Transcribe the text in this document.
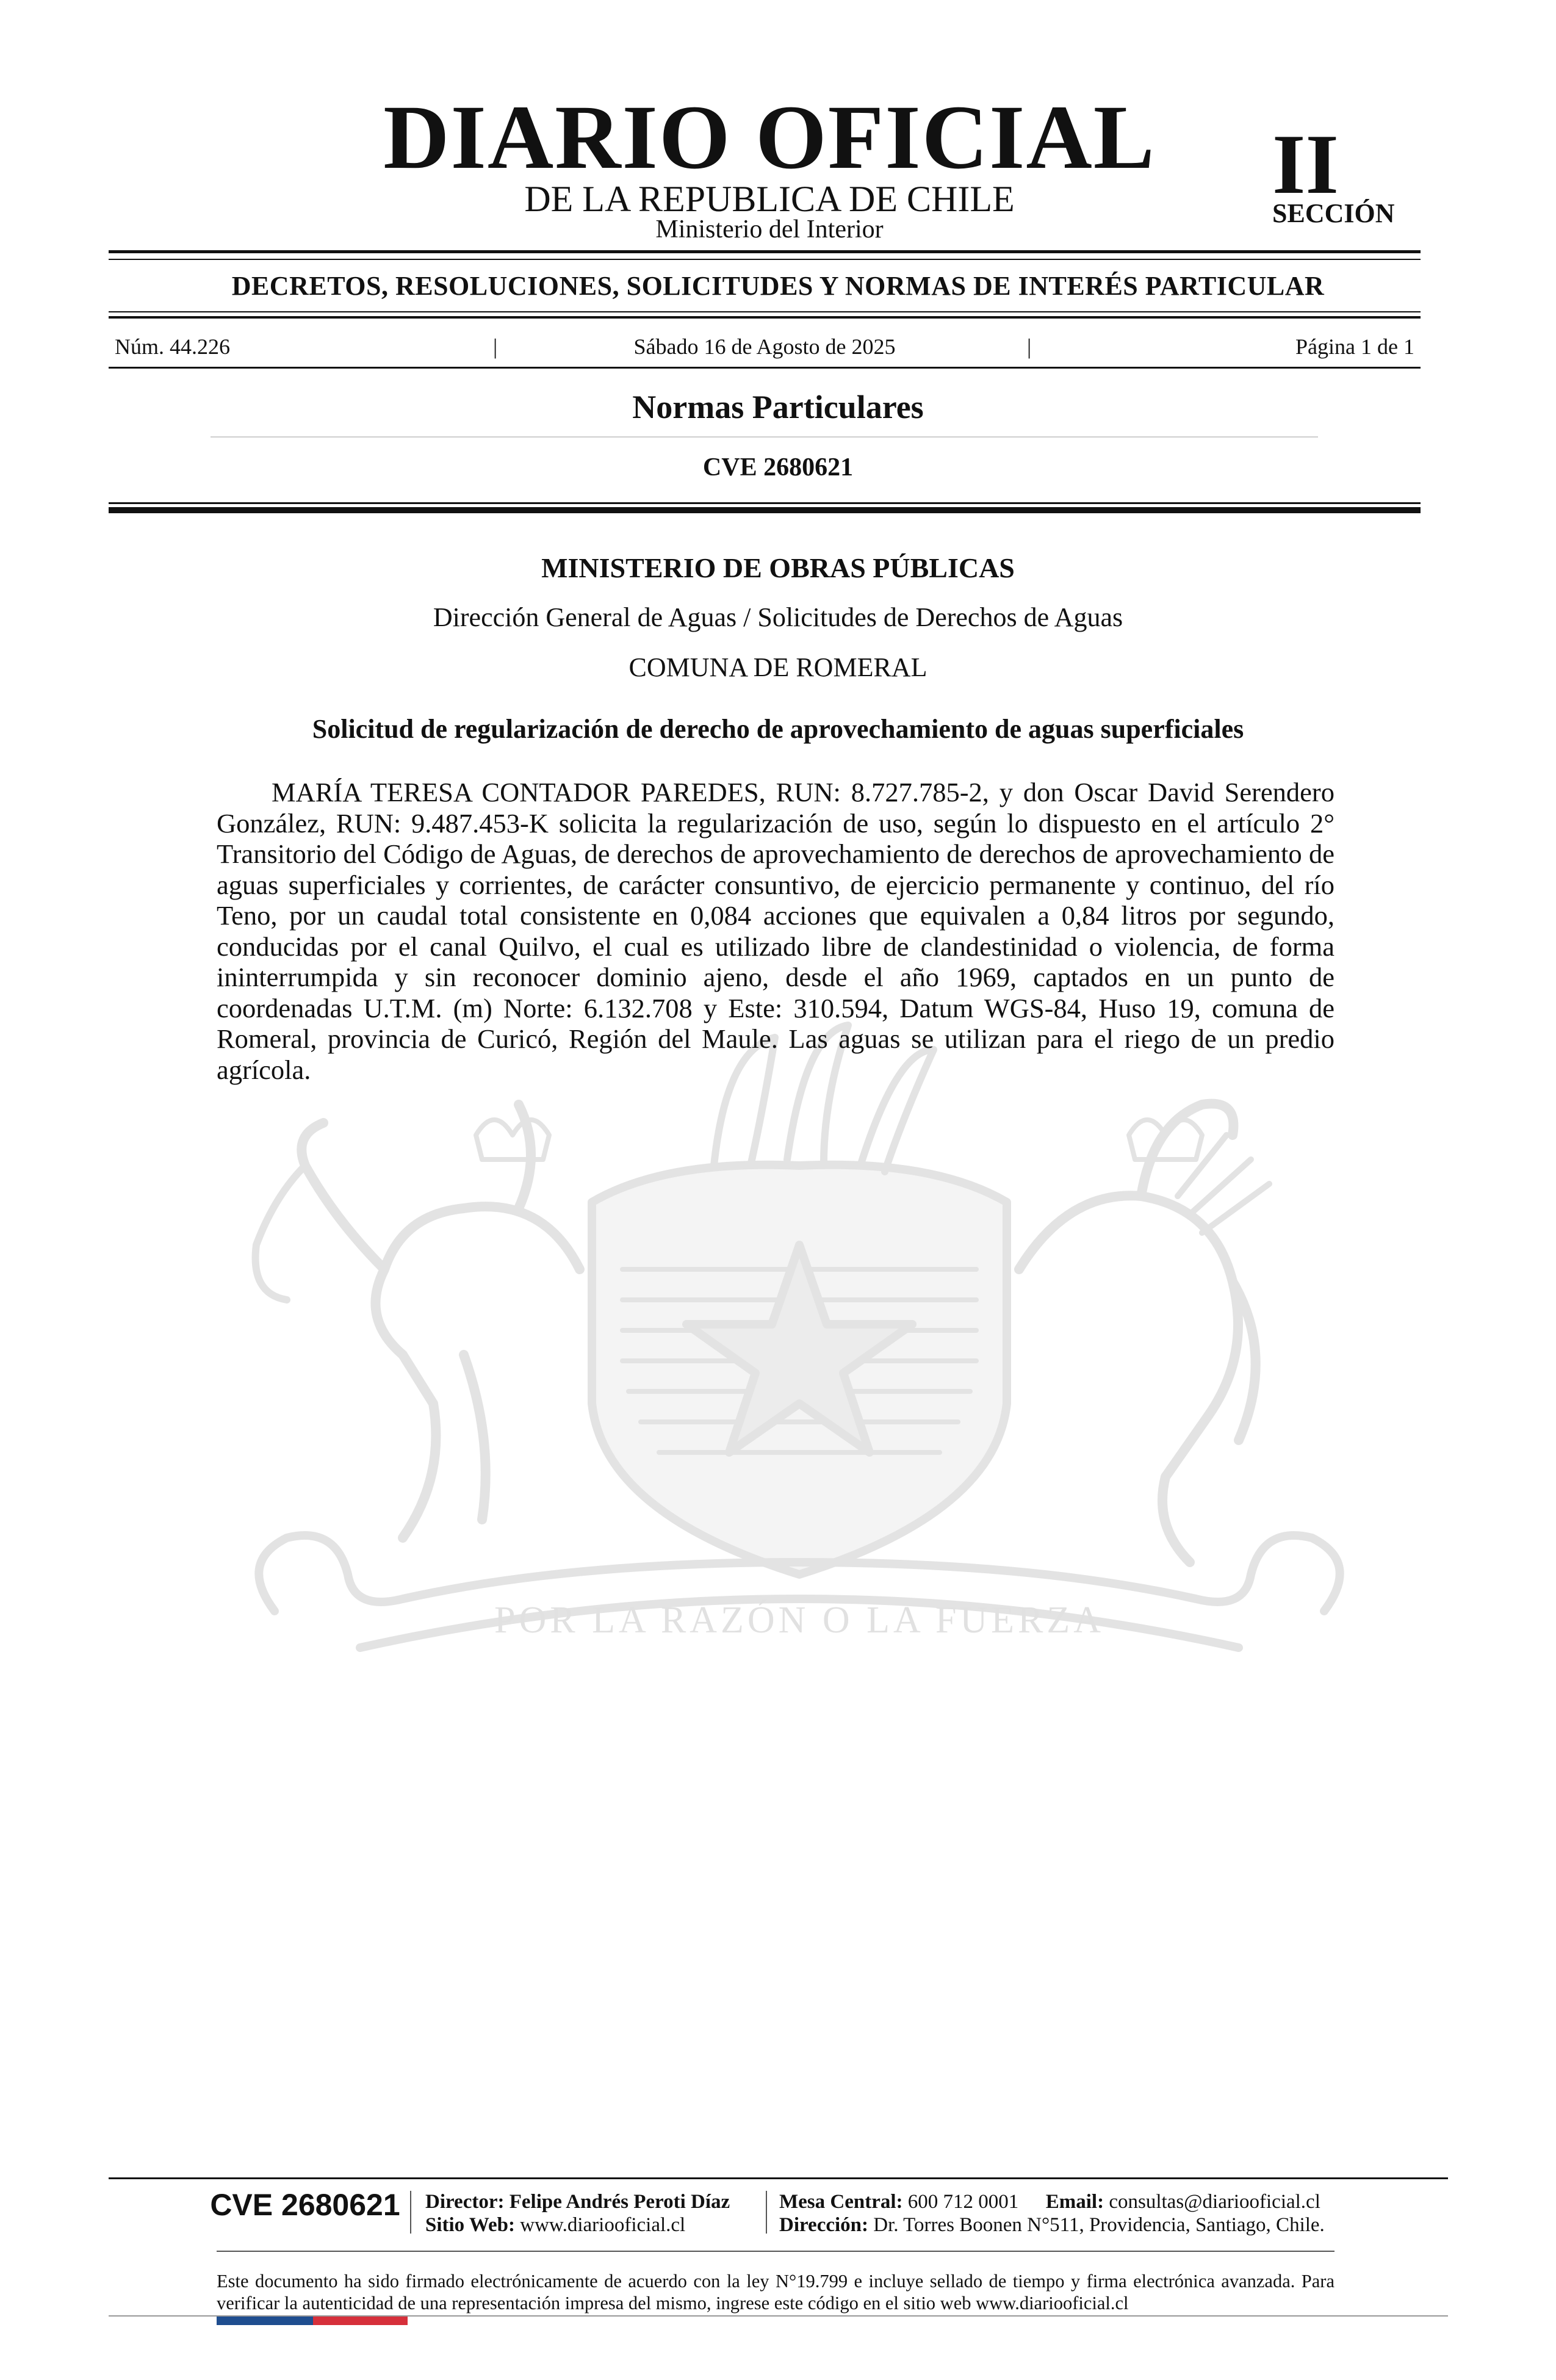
DIARIO OFICIAL
DE LA REPUBLICA DE CHILE
Ministerio del Interior
II
SECCIÓN
DECRETOS, RESOLUCIONES, SOLICITUDES Y NORMAS DE INTERÉS PARTICULAR
Núm. 44.226	|	Sábado 16 de Agosto de 2025	|	Página 1 de 1
Normas Particulares
CVE 2680621
POR LA RAZÓN O LA FUERZA
MINISTERIO DE OBRAS PÚBLICAS
Dirección General de Aguas / Solicitudes de Derechos de Aguas
COMUNA DE ROMERAL
Solicitud de regularización de derecho de aprovechamiento de aguas superficiales

MARÍA TERESA CONTADOR PAREDES, RUN: 8.727.785-2, y don Oscar David Serendero González, RUN: 9.487.453-K solicita la regularización de uso, según lo dispuesto en el artículo 2° Transitorio del Código de Aguas, de derechos de aprovechamiento de derechos de aprovechamiento de aguas superficiales y corrientes, de carácter consuntivo, de ejercicio permanente y continuo, del río Teno, por un caudal total consistente en 0,084 acciones que equivalen a 0,84 litros por segundo, conducidas por el canal Quilvo, el cual es utilizado libre de clandestinidad o violencia, de forma ininterrumpida y sin reconocer dominio ajeno, desde el año 1969, captados en un punto de coordenadas U.T.M. (m) Norte: 6.132.708 y Este: 310.594, Datum WGS-84, Huso 19, comuna de Romeral, provincia de Curicó, Región del Maule. Las aguas se utilizan para el riego de un predio agrícola.

CVE 2680621 Director: Felipe Andrés Peroti Díaz
Sitio Web: www.diariooficial.cl
Mesa Central: 600 712 0001 Email: consultas@diariooficial.cl
Dirección: Dr. Torres Boonen N°511, Providencia, Santiago, Chile.

Este documento ha sido firmado electrónicamente de acuerdo con la ley N°19.799 e incluye sellado de tiempo y firma electrónica avanzada. Para verificar la autenticidad de una representación impresa del mismo, ingrese este código en el sitio web www.diariooficial.cl
